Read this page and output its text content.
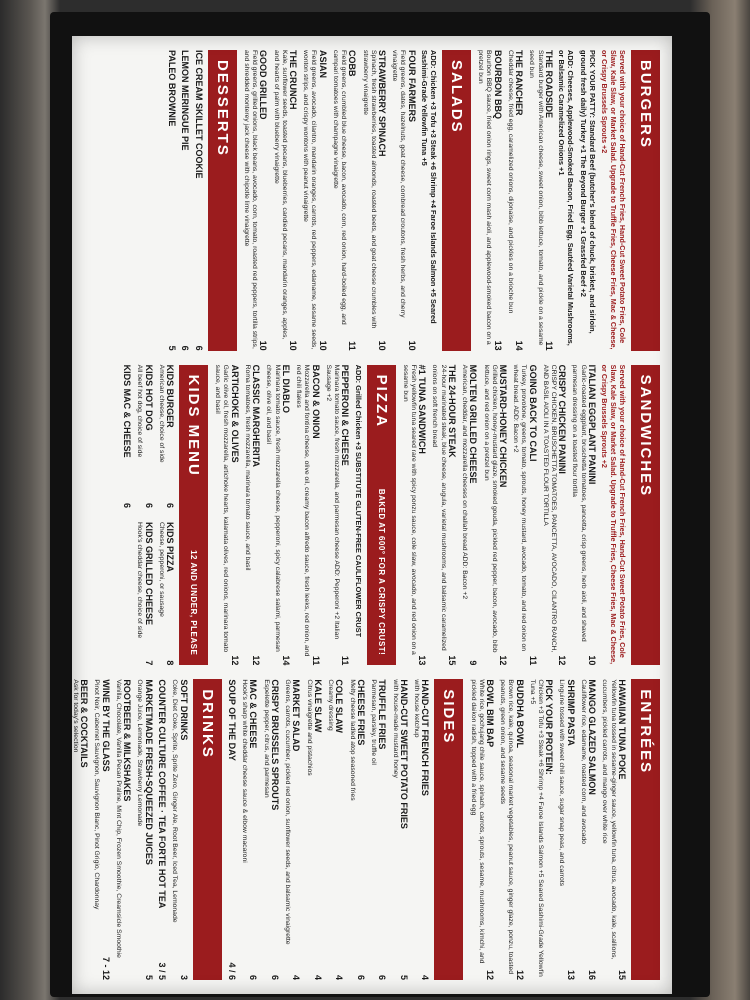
BURGERS
Served with your choice of Hand-Cut French Fries, Hand-Cut Sweet Potato Fries, Cole Slaw, Kale Slaw, or Market Salad. Upgrade to Truffle Fries, Cheese Fries, Mac & Cheese, or Crispy Brussels Sprouts +2
PICK YOUR PATTY: Standard Beef (butcher's blend of chuck, brisket, and sirloin, ground fresh daily) Turkey +1 The Beyond Burger +1 Grassfed Beef +2
ADD: Cheeses, Applewood-Smoked Bacon, Fried Egg, Sautéed Varietal Mushrooms, or Balsamic Caramelized Onions +1
THE ROADSIDE
11
Standard burger with American cheese, sweet onion, bibb lettuce, tomato, and pickle on a sesame seed bun
THE RANCHER
14
Cheddar cheese, fried egg, caramelized onions, dijonaise, and pickles on a brioche bun
BOURBON BBQ
13
Bourbon BBQ sauce, fried onion rings, sweet corn mash aioli, and applewood-smoked bacon on a pretzel bun
SALADS
ADD: Chicken +3 Tofu +3 Steak +6 Shrimp +4 Faroe Islands Salmon +5 Seared Sashimi-Grade Yellowfin Tuna +5
FOUR FARMERS
10
Field greens, dates, hazelnuts, goat cheese, cornbread croutons, fresh herbs, and cherry vinaigrette
STRAWBERRY SPINACH
10
Spinach, fresh strawberries, toasted almonds, roasted beets, and goat cheese crumbles with strawberry vinaigrette
COBB
11
Field greens, crumbled blue cheese, bacon, avocado, corn, red onion, hard-boiled egg, and campari tomatoes with champagne vinaigrette
ASIAN
10
Field greens, avocado, cilantro, mandarin oranges, carrots, red peppers, edamame, sesame seeds, wonton strips, and crispy wontons with peanut vinaigrette
THE CRUNCH
10
Kale, sunflower seeds, toasted pecans, blueberries, candied pecans, mandarin oranges, apples, and hearts of palm with blueberry vinaigrette
GOOD GRILLED
10
Field greens, grilled onions, black beans, avocado, corn, tomato, roasted red peppers, tortilla strips, and shredded monterey jack cheese with chipotle lime vinaigrette
DESSERTS
ICE CREAM SKILLET COOKIE
6
LEMON MERINGUE PIE
6
PALEO BROWNIE
5
SANDWICHES
Served with your choice of Hand-Cut French Fries, Hand-Cut Sweet Potato Fries, Cole Slaw, Kale Slaw, or Market Salad. Upgrade to Truffle Fries, Cheese Fries, Mac & Cheese, or Crispy Brussels Sprouts +2
ITALIAN EGGPLANT PANINI
10
Garlic-roasted eggplant, bruschetta tomatoes, pancetta, crisp greens, herb aioli, and shaved parmesan dressing on a toasted flour tortilla
CRISPY CHICKEN PANINI
12
CRISPY CHICKEN, BRUSCHETTA TOMATOES, PANCETTA, AVOCADO, CILANTRO RANCH, AND BASIL AIOLI IN A TOASTED FLOUR TORTILLA
GOING BACK TO CALI
11
Turkey, provolone, greens, tomato, sprouts, honey mustard, avocado, tomato, and red onion on wheat bread. ADD: Bacon +2
MUSTARD-HONEY CHICKEN
12
Grilled chicken, honey-mustard glaze, smoked gouda, pickled red pepper, bacon, avocado, bibb lettuce, and red onion on a pretzel bun
MOLTEN GRILLED CHEESE
9
American, cheddar, and mozzarella cheeses on challah bread ADD: Bacon +2
THE 24-HOUR STEAK
15
24-hour marinated steak, blue cheese, arugula, varietal mushrooms, and balsamic caramelized onions on soft french bread
#1 TUNA SANDWICH
13
Fresh yellowfin tuna seared rare with spicy ponzu sauce, cole slaw, avocado, and red onion on a sesame bun
PIZZA
BAKED AT 600° FOR A CRISPY CRUST!
ADD: Grilled Chicken +3 SUBSTITUTE GLUTEN-FREE CAULIFLOWER CRUST
PEPPERONI & CHEESE
11
Marinara tomato sauce, fresh mozzarella, and parmesan cheese ADD: Pepperoni +2 Italian Sausage +2
BACON & ONION
11
Mozzarella and fontina cheese, olive oil, creamy bacon alfredo sauce, fresh leeks, red onion, and red chili flakes
EL DIABLO
14
Marinara tomato sauce, fresh mozzarella cheese, pepperoni, spicy calabrese salami, parmesan cheese, olive oil, and basil
CLASSIC MARGHERITA
12
Roma tomatoes, fresh mozzarella, marinara tomato sauce, and basil
ARTICHOKE & OLIVES
12
Garlic olive oil, fresh mozzarella, artichoke hearts, kalamata olives, red onions, marinara tomato sauce, and basil
KIDS MENU
12 AND UNDER, PLEASE
KIDS BURGER
6
American cheese, choice of side
KIDS PIZZA
8
Cheese, pepperoni, or sausage
KIDS HOT DOG
6
All beef hot dog, choice of side
KIDS GRILLED CHEESE
7
Hook's cheddar cheese, choice of side
KIDS MAC & CHEESE
6
ENTRÉES
HAWAIIAN TUNA POKE
15
Yellowfin tuna tossed in sesame-ginger sauce, yellowfin tuna, citrus, avocado, kale, scallions, cucumbers, pickled carrots, and mango over white rice
MANGO GLAZED SALMON
16
Cauliflower rice, edamame, roasted corn, and avocado
SHRIMP PASTA
13
Linguine tossed with sweet chili sauce, sugar snap peas, and carrots
PICK YOUR PROTEIN:
Chicken +3 Tofu +3 Steak +6 Shrimp +4 Faroe Islands Salmon +5 Seared Sashimi-Grade Yellowfin Tuna +5
BUDDHA BOWL
12
Brown rice, kale, quinoa, seasonal market vegetables, peanut sauce, ginger glaze, ponzu, toasted peanuts, green onion, and sesame seeds
BOWL BIM BAP
12
White rice, gochujang chile sauce, spinach, carrots, sprouts, sesame, mushrooms, kimchi, and pickled daikon radish, topped with a fried egg
SIDES
HAND-CUT FRENCH FRIES
4
with house ketchup
HAND-CUT SWEET POTATO FRIES
5
with house-made mustard honey
TRUFFLE FRIES
6
Parmesan, parsley, truffle oil
CHEESE FRIES
6
Melty cheese ladled atop seasoned fries
COLE SLAW
4
Creamy dressing
KALE SLAW
4
Citrus vinaigrette and pistachios
MARKET SALAD
4
Greens, carrots, cucumber, pickled red onion, sunflower seeds, and balsamic vinaigrette
CRISPY BRUSSELS SPROUTS
6
Espelette pepper, citrus, and parmesan
MAC & CHEESE
6
Hook's sharp white cheddar cheese sauce & elbow macaroni
SOUP OF THE DAY
4 / 6
DRINKS
SOFT DRINKS
3
Coke, Diet Coke, Sprite, Sprite Zero, Ginger Ale, Root Beer, Iced Tea, Lemonade
COUNTER CULTURE COFFEE · TEA FORTE HOT TEA
3 / 5
MARKETMADE FRESH-SQUEEZED JUICES
5
Orange Juice, Lemonade, Strawberry Lemonade
ROOTBEER & MILKSHAKES
Vanilla, Chocolate, Vanilla Pecan Praline, Mint Chip, Frozen Smoothie, Creamsicle Smoothie
WINE BY THE GLASS
7 - 12
Pinot Noir, Cabernet Sauvignon, Sauvignon Blanc, Pinot Grigio, Chardonnay
BEER & COCKTAILS
Ask for today's selection
